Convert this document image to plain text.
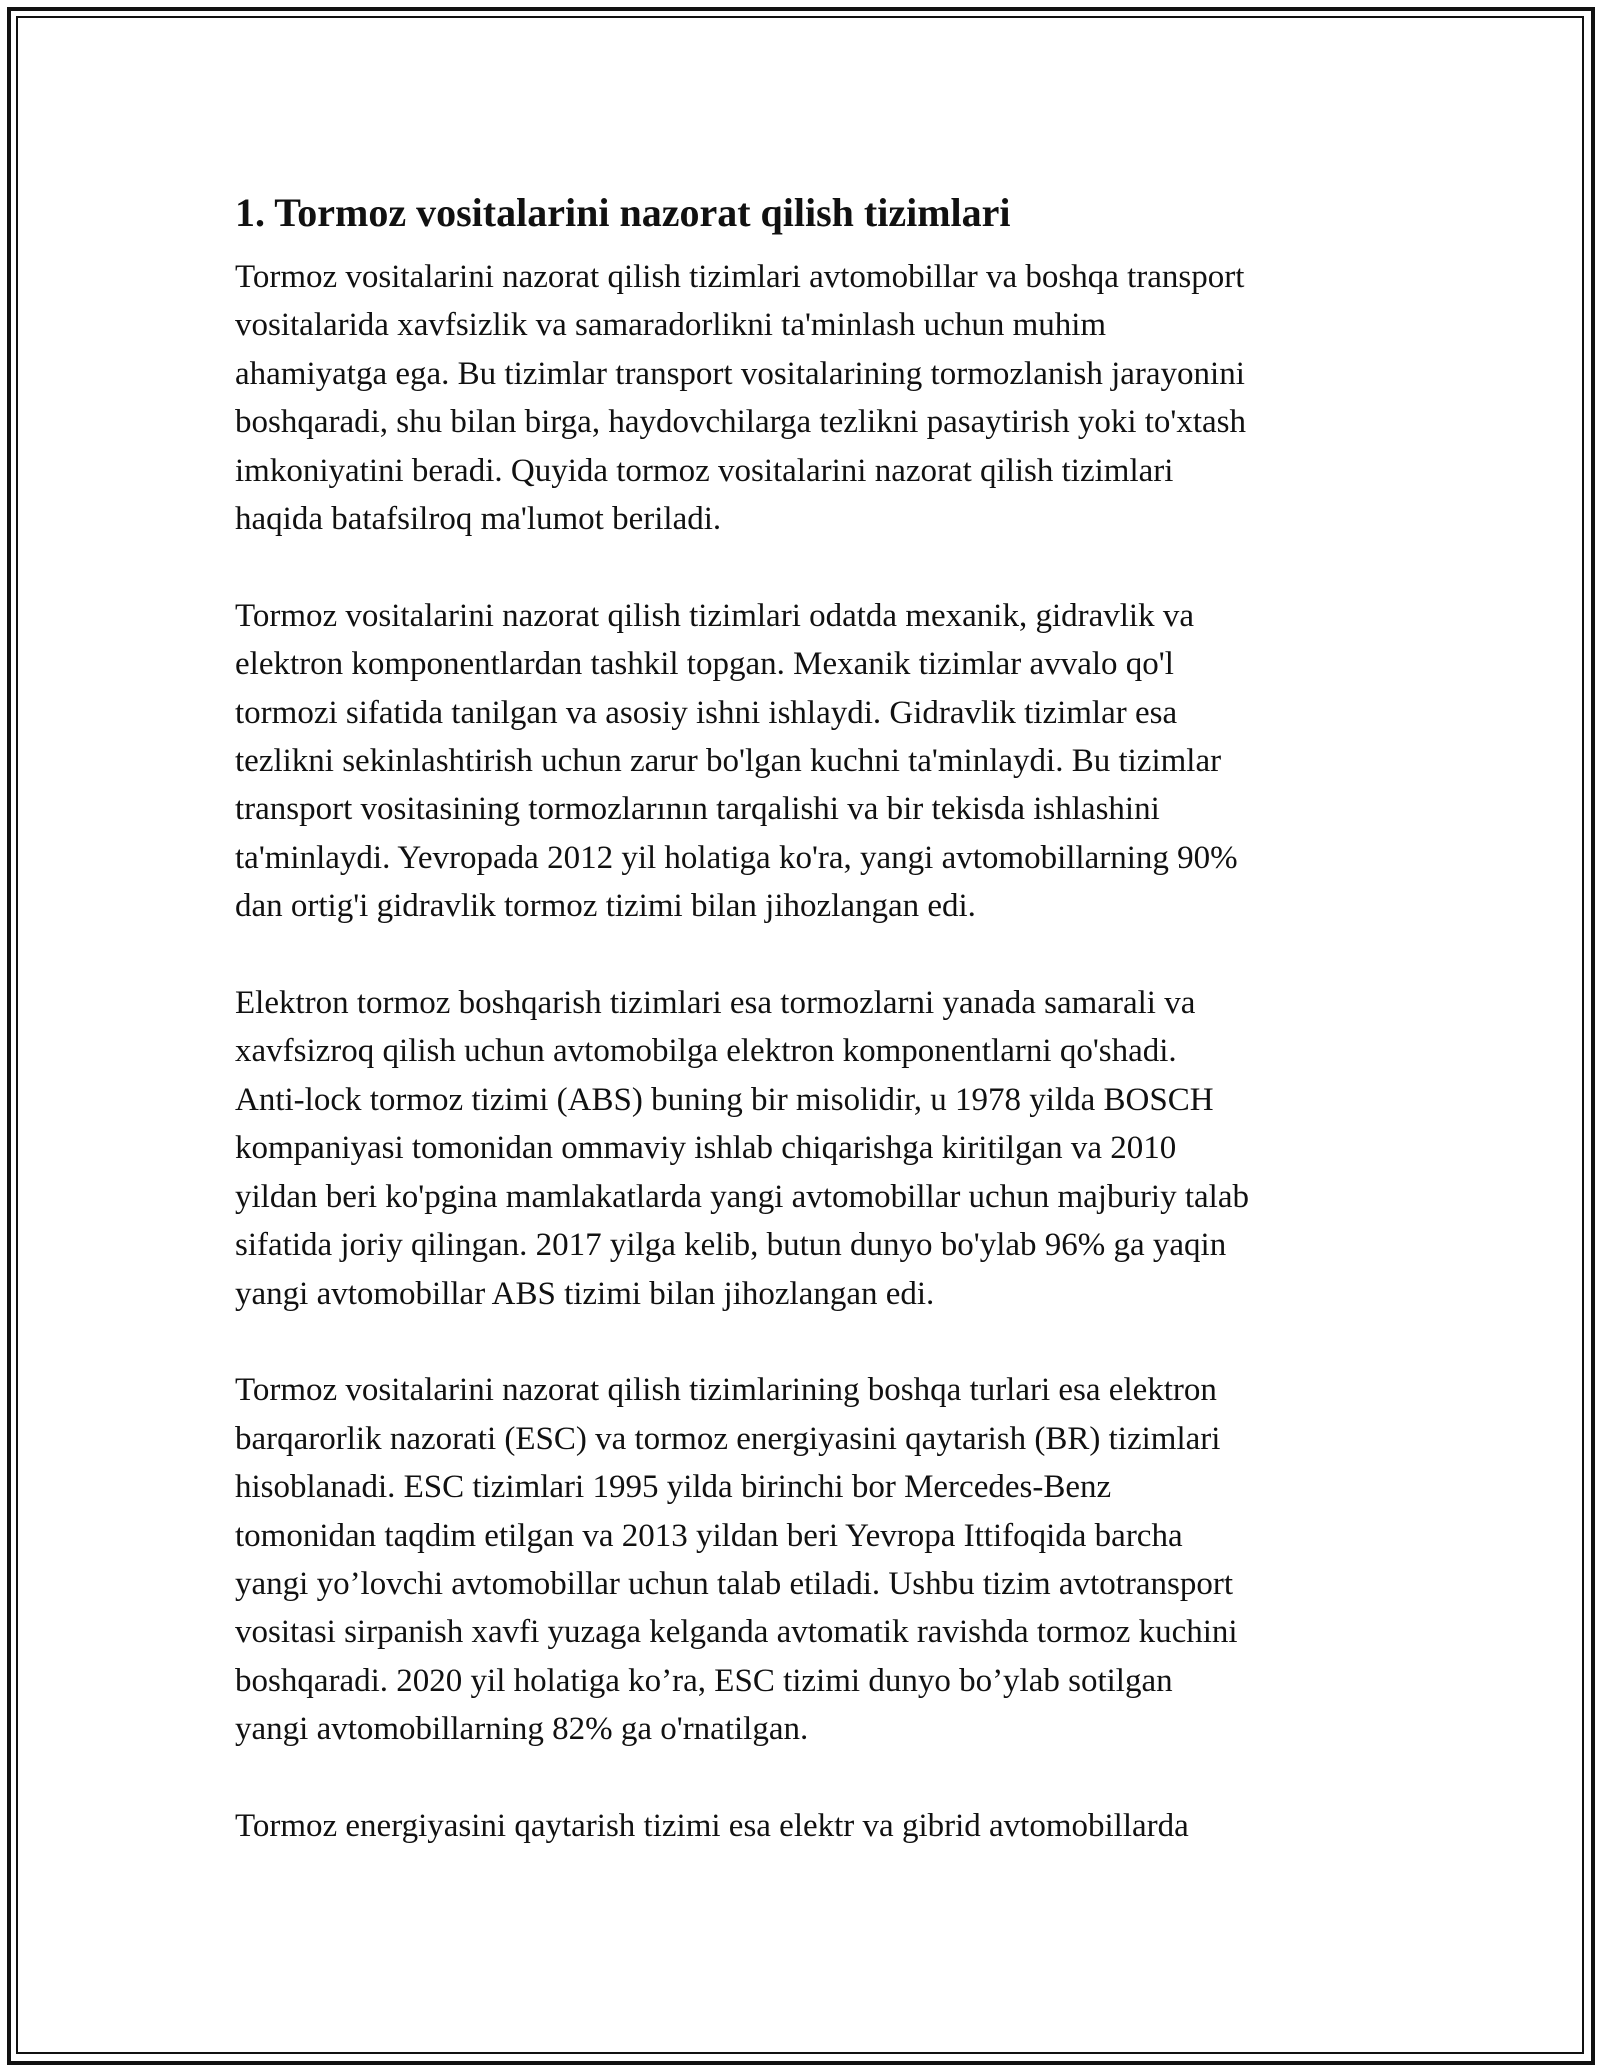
1. Tormoz vositalarini nazorat qilish tizimlari

Tormoz vositalarini nazorat qilish tizimlari avtomobillar va boshqa transport
vositalarida xavfsizlik va samaradorlikni ta'minlash uchun muhim
ahamiyatga ega. Bu tizimlar transport vositalarining tormozlanish jarayonini
boshqaradi, shu bilan birga, haydovchilarga tezlikni pasaytirish yoki to'xtash
imkoniyatini beradi. Quyida tormoz vositalarini nazorat qilish tizimlari
haqida batafsilroq ma'lumot beriladi.

Tormoz vositalarini nazorat qilish tizimlari odatda mexanik, gidravlik va
elektron komponentlardan tashkil topgan. Mexanik tizimlar avvalo qo'l
tormozi sifatida tanilgan va asosiy ishni ishlaydi. Gidravlik tizimlar esa
tezlikni sekinlashtirish uchun zarur bo'lgan kuchni ta'minlaydi. Bu tizimlar
transport vositasining tormozlarının tarqalishi va bir tekisda ishlashini
ta'minlaydi. Yevropada 2012 yil holatiga ko'ra, yangi avtomobillarning 90%
dan ortig'i gidravlik tormoz tizimi bilan jihozlangan edi.

Elektron tormoz boshqarish tizimlari esa tormozlarni yanada samarali va
xavfsizroq qilish uchun avtomobilga elektron komponentlarni qo'shadi.
Anti-lock tormoz tizimi (ABS) buning bir misolidir, u 1978 yilda BOSCH
kompaniyasi tomonidan ommaviy ishlab chiqarishga kiritilgan va 2010
yildan beri ko'pgina mamlakatlarda yangi avtomobillar uchun majburiy talab
sifatida joriy qilingan. 2017 yilga kelib, butun dunyo bo'ylab 96% ga yaqin
yangi avtomobillar ABS tizimi bilan jihozlangan edi.

Tormoz vositalarini nazorat qilish tizimlarining boshqa turlari esa elektron
barqarorlik nazorati (ESC) va tormoz energiyasini qaytarish (BR) tizimlari
hisoblanadi. ESC tizimlari 1995 yilda birinchi bor Mercedes-Benz
tomonidan taqdim etilgan va 2013 yildan beri Yevropa Ittifoqida barcha
yangi yo’lovchi avtomobillar uchun talab etiladi. Ushbu tizim avtotransport
vositasi sirpanish xavfi yuzaga kelganda avtomatik ravishda tormoz kuchini
boshqaradi. 2020 yil holatiga ko’ra, ESC tizimi dunyo bo’ylab sotilgan
yangi avtomobillarning 82% ga o'rnatilgan.

Tormoz energiyasini qaytarish tizimi esa elektr va gibrid avtomobillarda
